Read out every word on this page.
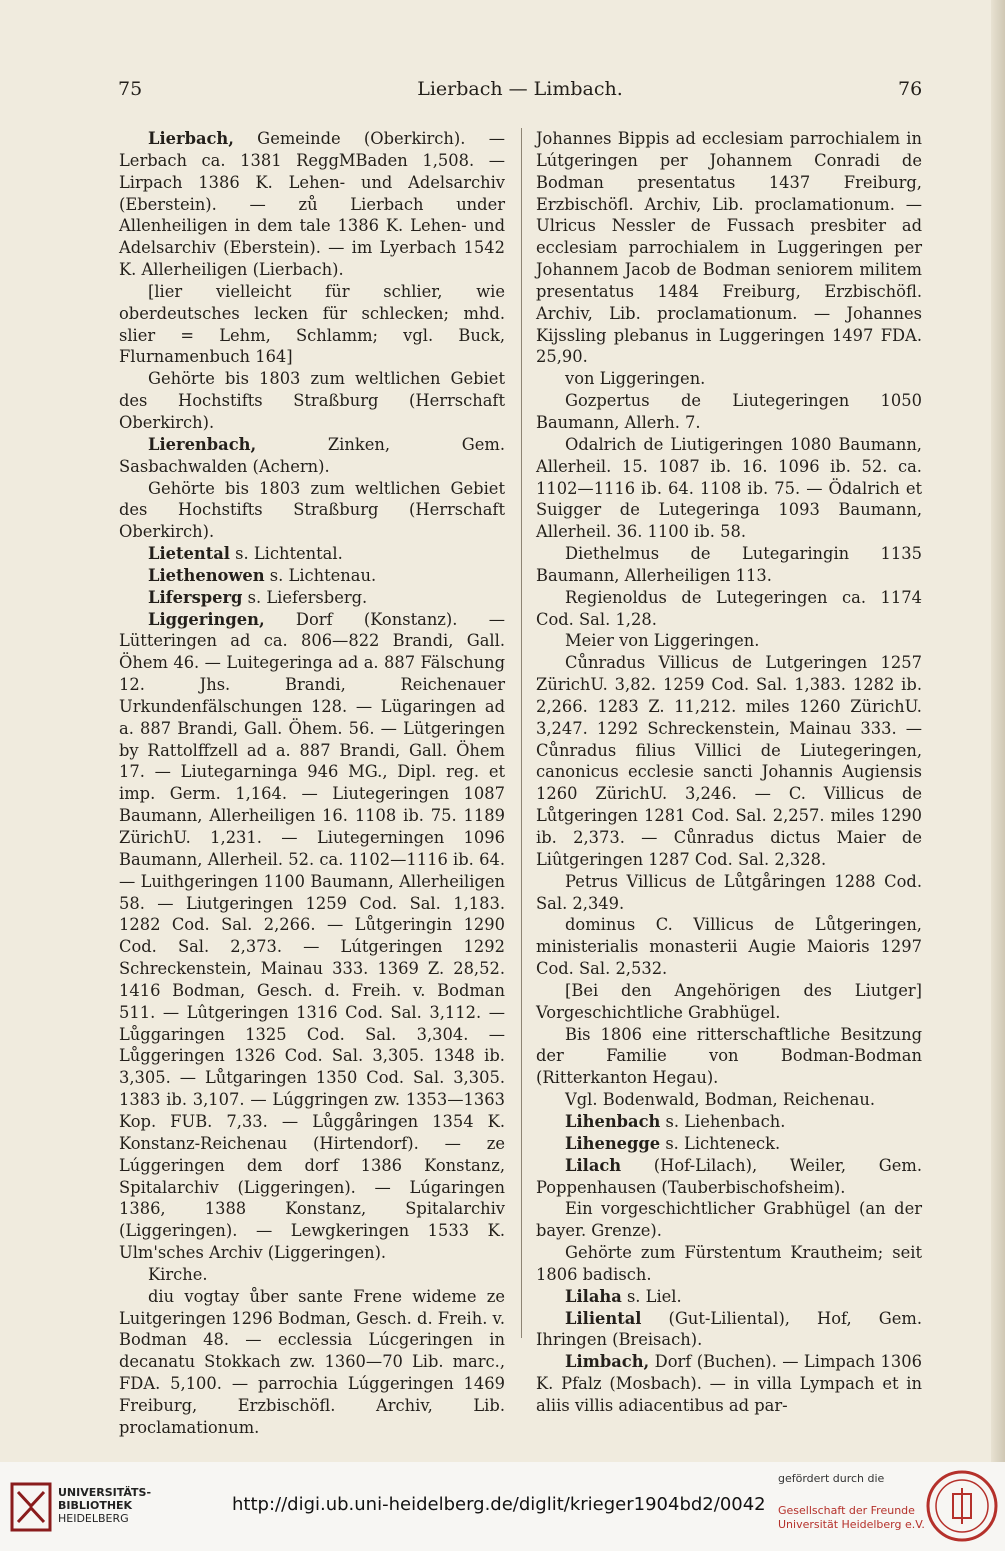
75	Lierbach — Limbach.	76

Lierbach, Gemeinde (Oberkirch). — Lerbach ca. 1381 ReggMBaden 1,508. — Lirpach 1386 K. Lehen- und Adelsarchiv (Eberstein). — zů Lierbach under Allenheiligen in dem tale 1386 K. Lehen- und Adelsarchiv (Eberstein). — im Lyerbach 1542 K. Allerheiligen (Lierbach).

[lier vielleicht für schlier, wie oberdeutsches lecken für schlecken; mhd. slier = Lehm, Schlamm; vgl. Buck, Flurnamenbuch 164]

Gehörte bis 1803 zum weltlichen Gebiet des Hochstifts Straßburg (Herrschaft Oberkirch).

Lierenbach, Zinken, Gem. Sasbachwalden (Achern).

Gehörte bis 1803 zum weltlichen Gebiet des Hochstifts Straßburg (Herrschaft Oberkirch).

Lietental s. Lichtental.

Liethenowen s. Lichtenau.

Lifersperg s. Liefersberg.

Liggeringen, Dorf (Konstanz). — Lütteringen ad ca. 806—822 Brandi, Gall. Öhem 46. — Luitegeringa ad a. 887 Fälschung 12. Jhs. Brandi, Reichenauer Urkundenfälschungen 128. — Lügaringen ad a. 887 Brandi, Gall. Öhem. 56. — Lütgeringen by Rattolffzell ad a. 887 Brandi, Gall. Öhem 17. — Liutegarninga 946 MG., Dipl. reg. et imp. Germ. 1,164. — Liutegeringen 1087 Baumann, Allerheiligen 16. 1108 ib. 75. 1189 ZürichU. 1,231. — Liutegerningen 1096 Baumann, Allerheil. 52. ca. 1102—1116 ib. 64. — Luithgeringen 1100 Baumann, Allerheiligen 58. — Liutgeringen 1259 Cod. Sal. 1,183. 1282 Cod. Sal. 2,266. — Lůtgeringin 1290 Cod. Sal. 2,373. — Lútgeringen 1292 Schreckenstein, Mainau 333. 1369 Z. 28,52. 1416 Bodman, Gesch. d. Freih. v. Bodman 511. — Lûtgeringen 1316 Cod. Sal. 3,112. — Lůggaringen 1325 Cod. Sal. 3,304. — Lůggeringen 1326 Cod. Sal. 3,305. 1348 ib. 3,305. — Lůtgaringen 1350 Cod. Sal. 3,305. 1383 ib. 3,107. — Lúggringen zw. 1353—1363 Kop. FUB. 7,33. — Lůggåringen 1354 K. Konstanz-Reichenau (Hirtendorf). — ze Lúggeringen dem dorf 1386 Konstanz, Spitalarchiv (Liggeringen). — Lúgaringen 1386, 1388 Konstanz, Spitalarchiv (Liggeringen). — Lewgkeringen 1533 K. Ulm'sches Archiv (Liggeringen).

Kirche.

diu vogtay ůber sante Frene wideme ze Luitgeringen 1296 Bodman, Gesch. d. Freih. v. Bodman 48. — ecclessia Lúcgeringen in decanatu Stokkach zw. 1360—70 Lib. marc., FDA. 5,100. — parrochia Lúggeringen 1469 Freiburg, Erzbischöfl. Archiv, Lib. proclamationum.

Johannes Bippis ad ecclesiam parrochialem in Lútgeringen per Johannem Conradi de Bodman presentatus 1437 Freiburg, Erzbischöfl. Archiv, Lib. proclamationum. — Ulricus Nessler de Fussach presbiter ad ecclesiam parrochialem in Luggeringen per Johannem Jacob de Bodman seniorem militem presentatus 1484 Freiburg, Erzbischöfl. Archiv, Lib. proclamationum. — Johannes Kijssling plebanus in Luggeringen 1497 FDA. 25,90.

von Liggeringen.

Gozpertus de Liutegeringen 1050 Baumann, Allerh. 7.

Odalrich de Liutigeringen 1080 Baumann, Allerheil. 15. 1087 ib. 16. 1096 ib. 52. ca. 1102—1116 ib. 64. 1108 ib. 75. — Ödalrich et Suigger de Lutegeringa 1093 Baumann, Allerheil. 36. 1100 ib. 58.

Diethelmus de Lutegaringin 1135 Baumann, Allerheiligen 113.

Regienoldus de Lutegeringen ca. 1174 Cod. Sal. 1,28.

Meier von Liggeringen.

Cůnradus Villicus de Lutgeringen 1257 ZürichU. 3,82. 1259 Cod. Sal. 1,383. 1282 ib. 2,266. 1283 Z. 11,212. miles 1260 ZürichU. 3,247. 1292 Schreckenstein, Mainau 333. — Cůnradus filius Villici de Liutegeringen, canonicus ecclesie sancti Johannis Augiensis 1260 ZürichU. 3,246. — C. Villicus de Lůtgeringen 1281 Cod. Sal. 2,257. miles 1290 ib. 2,373. — Cůnradus dictus Maier de Liûtgeringen 1287 Cod. Sal. 2,328.

Petrus Villicus de Lůtgåringen 1288 Cod. Sal. 2,349.

dominus C. Villicus de Lůtgeringen, ministerialis monasterii Augie Maioris 1297 Cod. Sal. 2,532.

[Bei den Angehörigen des Liutger] Vorgeschichtliche Grabhügel.

Bis 1806 eine ritterschaftliche Besitzung der Familie von Bodman-Bodman (Ritterkanton Hegau).

Vgl. Bodenwald, Bodman, Reichenau.

Lihenbach s. Liehenbach.

Lihenegge s. Lichteneck.

Lilach (Hof-Lilach), Weiler, Gem. Poppenhausen (Tauberbischofsheim).

Ein vorgeschichtlicher Grabhügel (an der bayer. Grenze).

Gehörte zum Fürstentum Krautheim; seit 1806 badisch.

Lilaha s. Liel.

Liliental (Gut-Liliental), Hof, Gem. Ihringen (Breisach).

Limbach, Dorf (Buchen). — Limpach 1306 K. Pfalz (Mosbach). — in villa Lympach et in aliis villis adiacentibus ad par-

UNIVERSITÄTS-
BIBLIOTHEK
HEIDELBERG
http://digi.ub.uni-heidelberg.de/diglit/krieger1904bd2/0042
gefördert durch die
Gesellschaft der Freunde
Universität Heidelberg e.V.
